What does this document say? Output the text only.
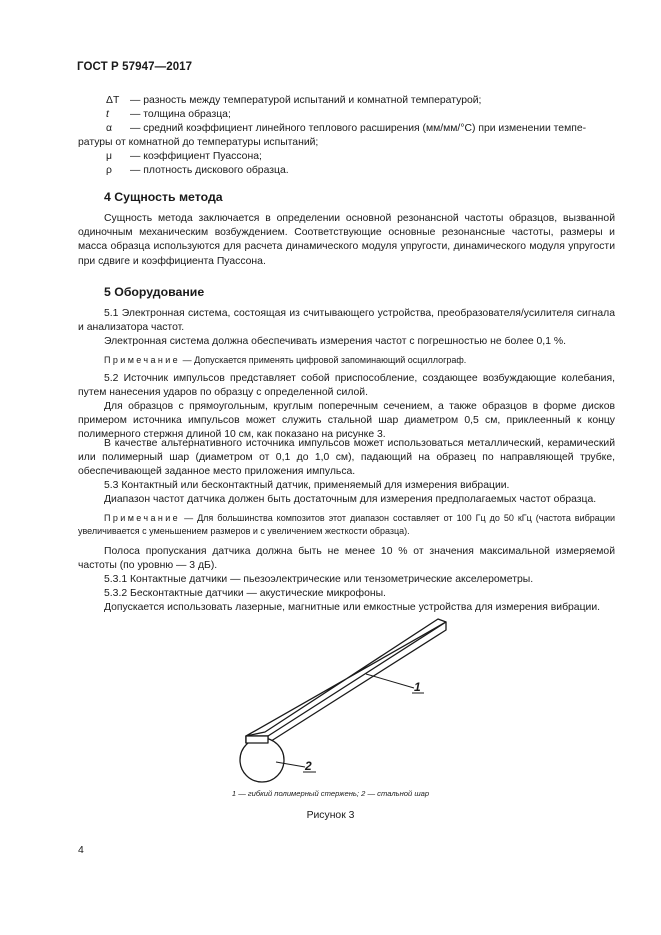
ГОСТ Р 57947—2017
ΔT — разность между температурой испытаний и комнатной температурой;
t — толщина образца;
α — средний коэффициент линейного теплового расширения (мм/мм/°С) при изменении темпе-
ратуры от комнатной до температуры испытаний;
μ — коэффициент Пуассона;
ρ — плотность дискового образца.
4 Сущность метода
Сущность метода заключается в определении основной резонансной частоты образцов, вызванной одиночным механическим возбуждением. Соответствующие основные резонансные частоты, размеры и масса образца используются для расчета динамического модуля упругости, динамического модуля упругости при сдвиге и коэффициента Пуассона.
5 Оборудование
5.1 Электронная система, состоящая из считывающего устройства, преобразователя/усилителя сигнала и анализатора частот.
Электронная система должна обеспечивать измерения частот с погрешностью не более 0,1 %.
Примечание — Допускается применять цифровой запоминающий осциллограф.
5.2 Источник импульсов представляет собой приспособление, создающее возбуждающие колебания, путем нанесения ударов по образцу с определенной силой.
Для образцов с прямоугольным, круглым поперечным сечением, а также образцов в форме дисков примером источника импульсов может служить стальной шар диаметром 0,5 см, приклеенный к концу полимерного стержня длиной 10 см, как показано на рисунке 3.
В качестве альтернативного источника импульсов может использоваться металлический, керамический или полимерный шар (диаметром от 0,1 до 1,0 см), падающий на образец по направляющей трубке, обеспечивающей заданное место приложения импульса.
5.3 Контактный или бесконтактный датчик, применяемый для измерения вибрации.
Диапазон частот датчика должен быть достаточным для измерения предполагаемых частот образца.
Примечание — Для большинства композитов этот диапазон составляет от 100 Гц до 50 кГц (частота вибрации увеличивается с уменьшением размеров и с увеличением жесткости образца).
Полоса пропускания датчика должна быть не менее 10 % от значения максимальной измеряемой частоты (по уровню — 3 дБ).
5.3.1 Контактные датчики — пьезоэлектрические или тензометрические акселерометры.
5.3.2 Бесконтактные датчики — акустические микрофоны.
Допускается использовать лазерные, магнитные или емкостные устройства для измерения вибрации.
1
2
1 — гибкий полимерный стержень; 2 — стальной шар
Рисунок 3
4
